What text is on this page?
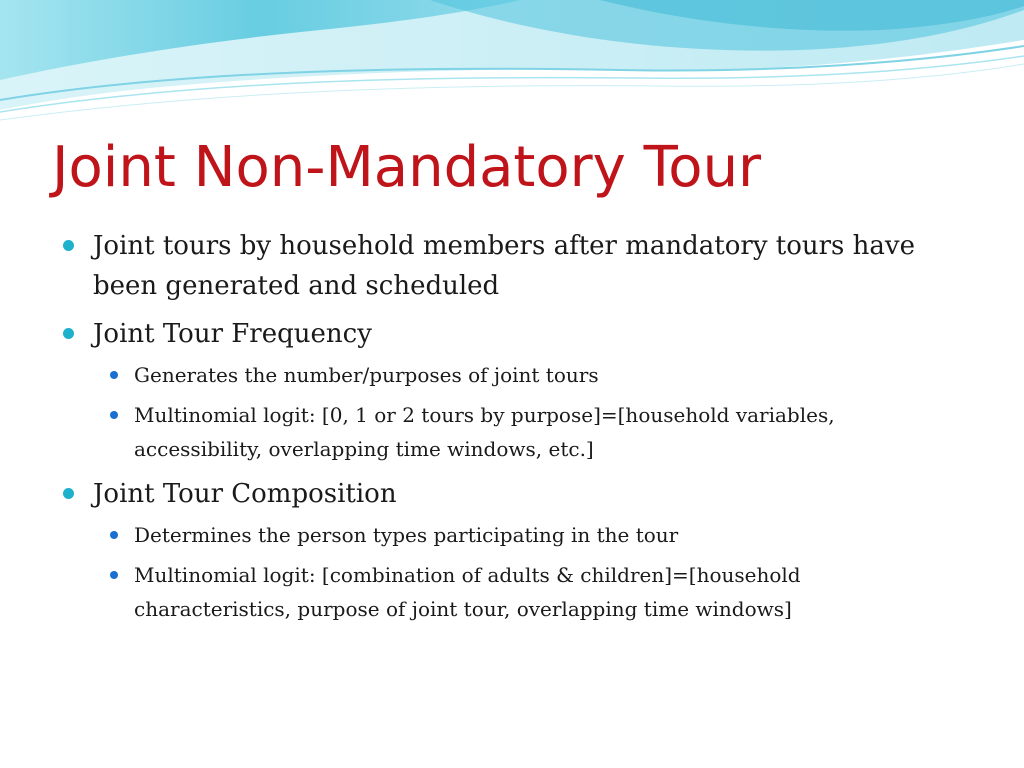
Joint Non-Mandatory Tour
Joint tours by household members after mandatory tours have been generated and scheduled
Joint Tour Frequency
Generates the number/purposes of joint tours
Multinomial logit: [0, 1 or 2 tours by purpose]=[household variables, accessibility, overlapping time windows, etc.]
Joint Tour Composition
Determines the person types participating in the tour
Multinomial logit: [combination of adults & children]=[household characteristics, purpose of joint tour, overlapping time windows]
